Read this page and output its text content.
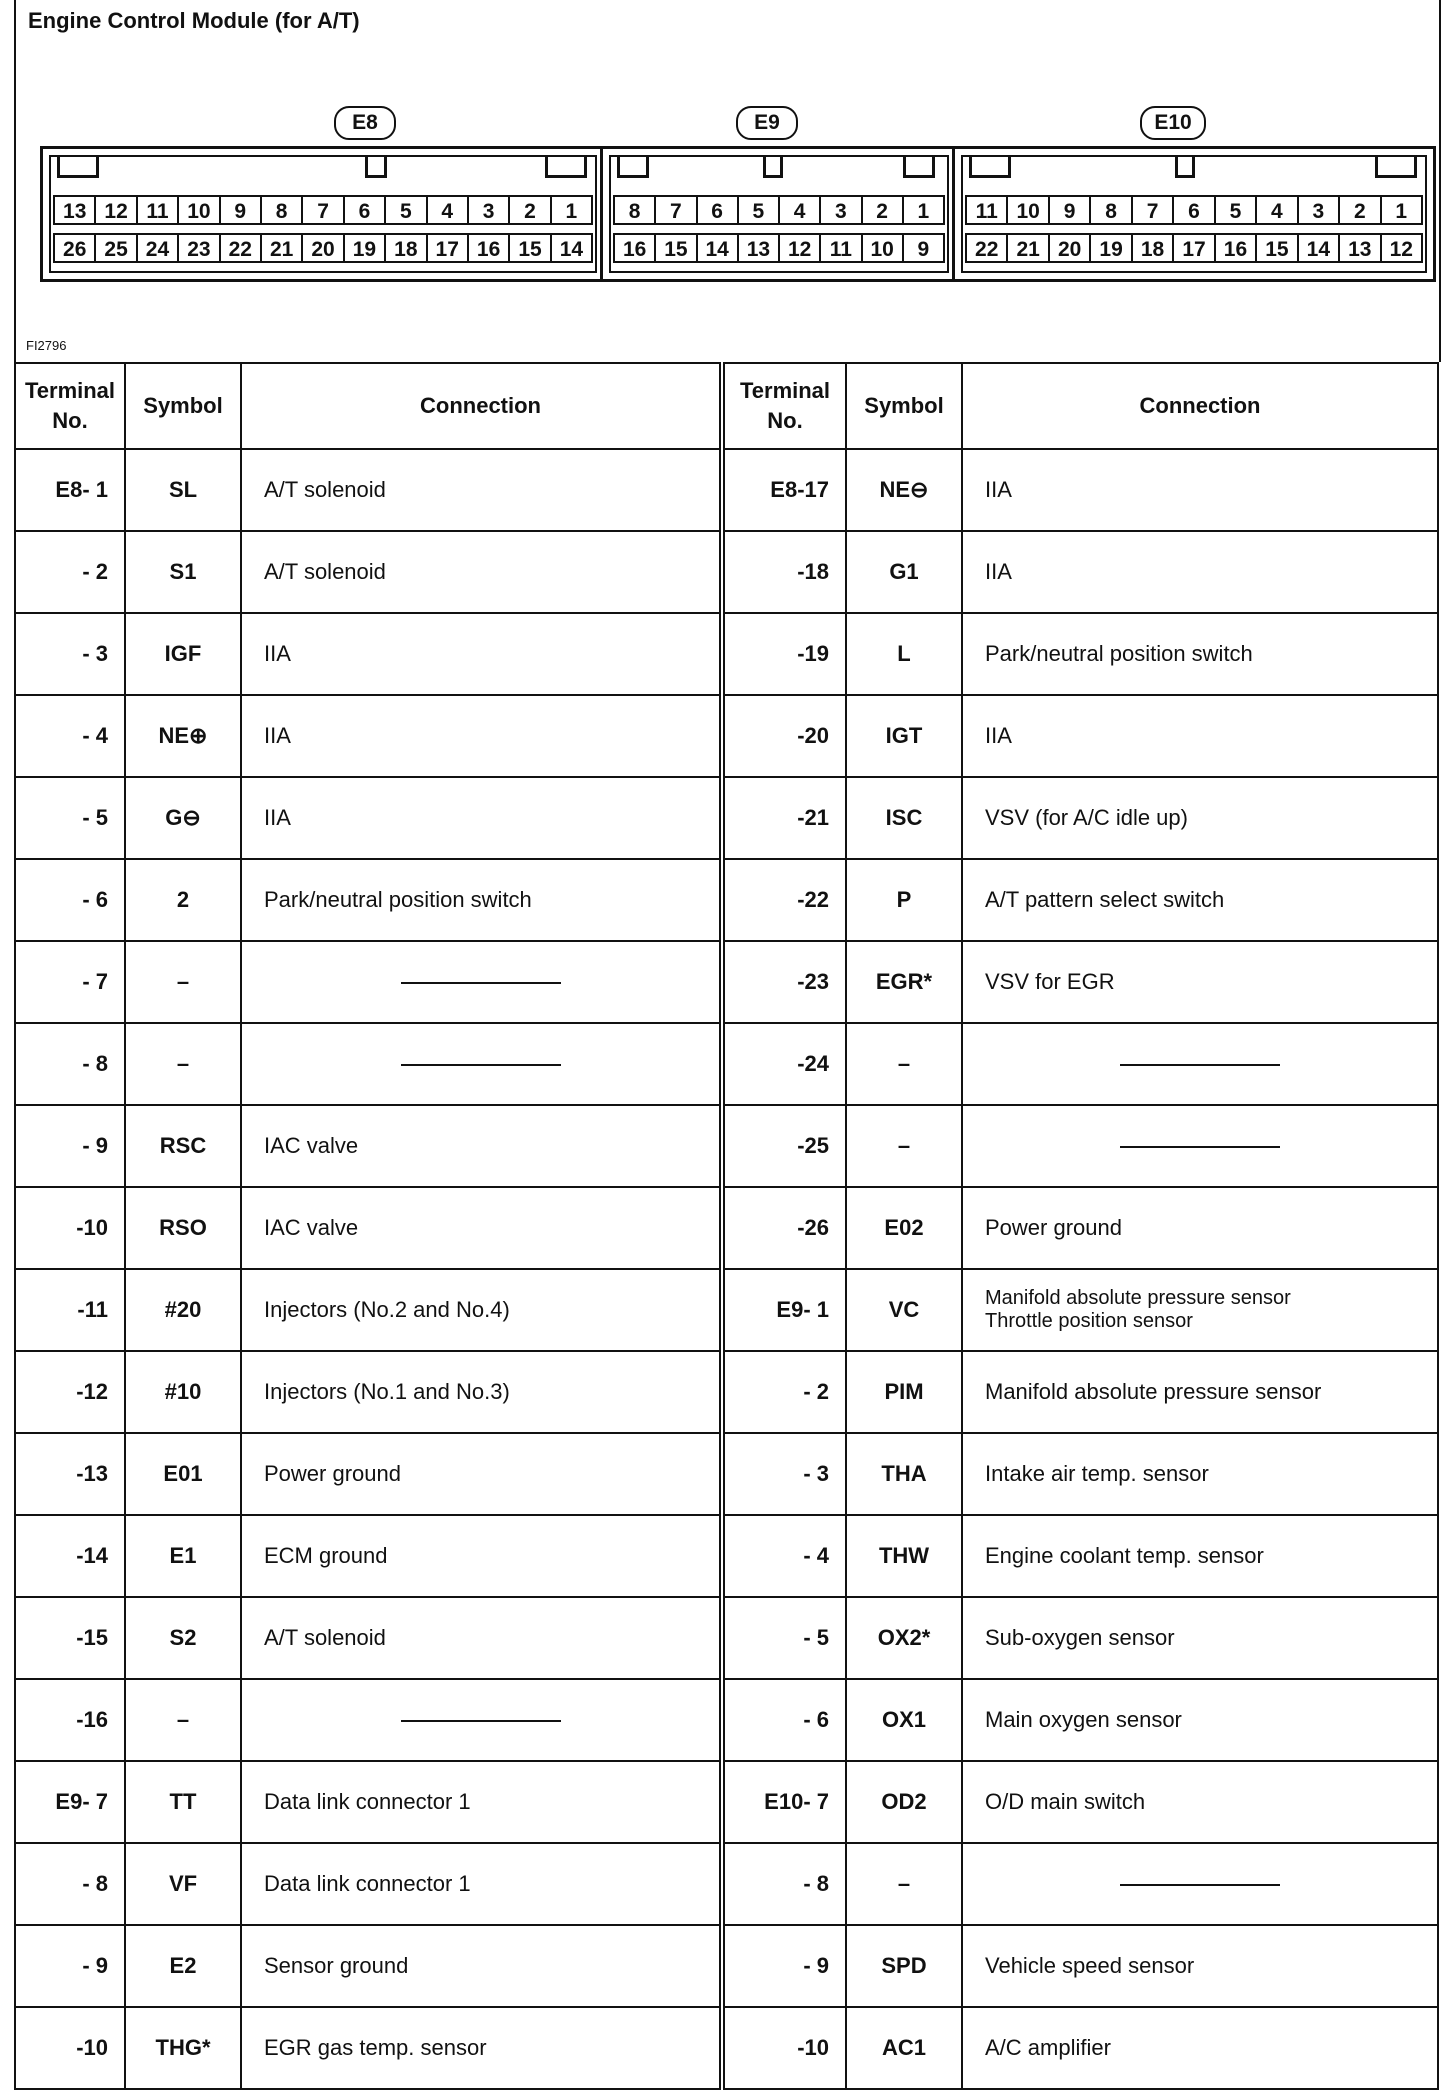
Engine Control Module (for A/T)
E8	E9	E10
13 12 11 10	9	8	7	6	5	4	3	2	1
26 25 24 23 22 21 20 19 18 17 16 15 14
8	7	6	5	4	3	2	1
16 15 14 13 12 11 10	9
11 10	9	8	7	6	5	4	3	2	1
22 21 20 19 18 17 16 15 14 13 12
FI2796
Terminal
No.	Symbol	Connection	Terminal
No.	Symbol	Connection
E8- 1	SL	A/T solenoid	E8-17	NE⊖	IIA
- 2	S1	A/T solenoid	-18	G1	IIA
- 3	IGF	IIA	-19	L	Park/neutral position switch
- 4	NE⊕	IIA	-20	IGT	IIA
- 5	G⊖	IIA	-21	ISC	VSV (for A/C idle up)
- 6	2	Park/neutral position switch	-22	P	A/T pattern select switch
- 7	–		-23	EGR*	VSV for EGR
- 8	–		-24	–	
- 9	RSC	IAC valve	-25	–	
-10	RSO	IAC valve	-26	E02	Power ground
-11	#20	Injectors (No.2 and No.4)	E9- 1	VC	Manifold absolute pressure sensor
Throttle position sensor
-12	#10	Injectors (No.1 and No.3)	- 2	PIM	Manifold absolute pressure sensor
-13	E01	Power ground	- 3	THA	Intake air temp. sensor
-14	E1	ECM ground	- 4	THW	Engine coolant temp. sensor
-15	S2	A/T solenoid	- 5	OX2*	Sub-oxygen sensor
-16	–		- 6	OX1	Main oxygen sensor
E9- 7	TT	Data link connector 1	E10- 7	OD2	O/D main switch
- 8	VF	Data link connector 1	- 8	–	
- 9	E2	Sensor ground	- 9	SPD	Vehicle speed sensor
-10	THG*	EGR gas temp. sensor	-10	AC1	A/C amplifier
